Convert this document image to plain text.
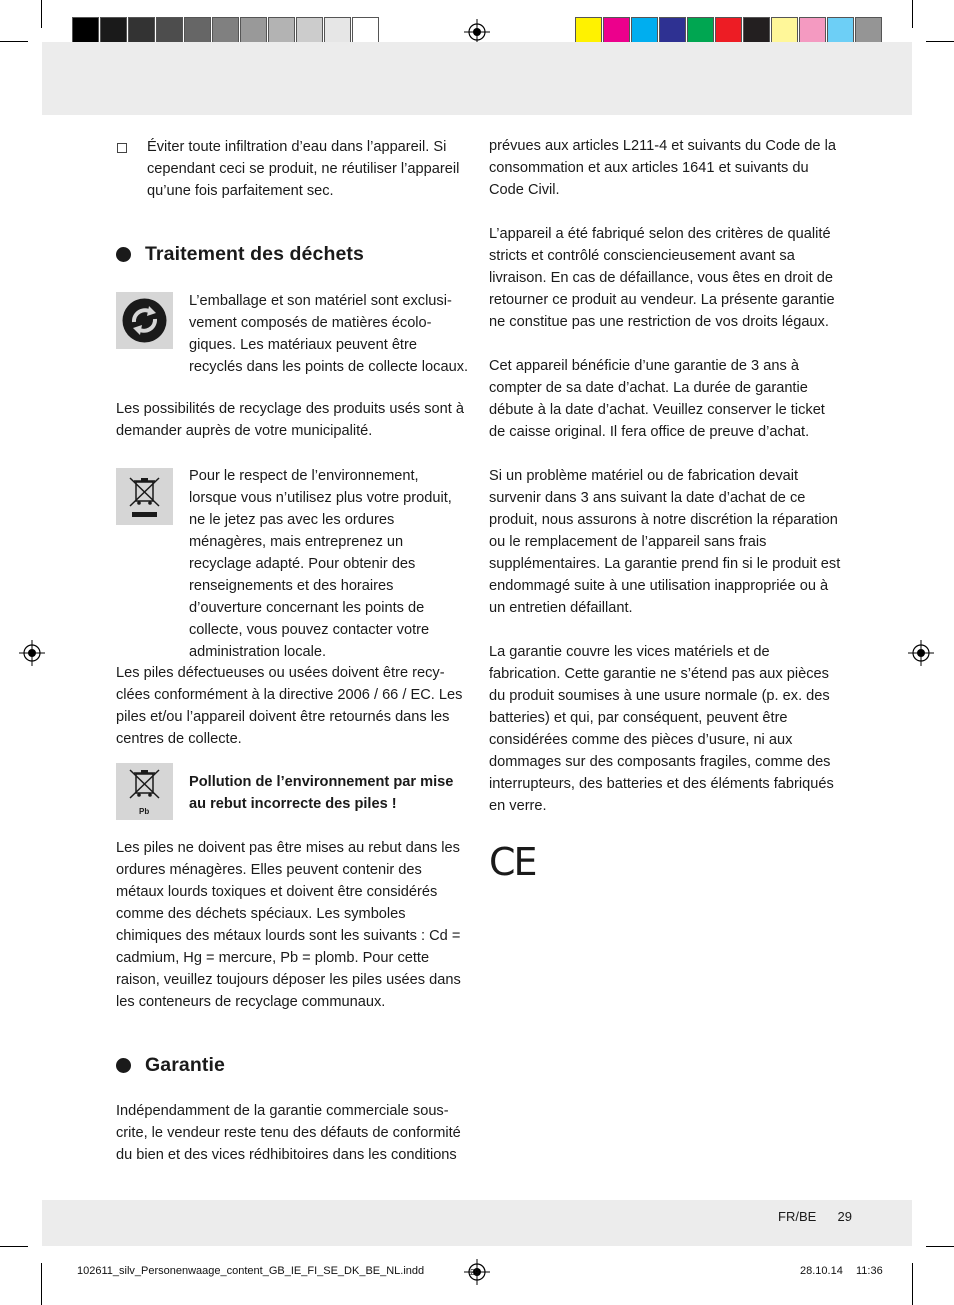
Éviter toute infiltration d’eau dans l’appareil. Si cependant ceci se produit, ne réutiliser l’appareil qu’une fois parfaitement sec.
Traitement des déchets
L’emballage et son matériel sont exclusivement composés de matières écologiques. Les matériaux peuvent être recyclés dans les points de collecte locaux.
Les possibilités de recyclage des produits usés sont à demander auprès de votre municipalité.
Pour le respect de l’environnement, lorsque vous n’utilisez plus votre produit, ne le jetez pas avec les ordures ménagères, mais entreprenez un recyclage adapté. Pour obtenir des renseignements et des horaires d’ouverture concernant les points de collecte, vous pouvez contacter votre administration locale.
Les piles défectueuses ou usées doivent être recyclées conformément à la directive 2006 / 66 / EC. Les piles et/ou l’appareil doivent être retournés dans les centres de collecte.
Pb
Pollution de l’environnement par mise au rebut incorrecte des piles !
Les piles ne doivent pas être mises au rebut dans les ordures ménagères. Elles peuvent contenir des métaux lourds toxiques et doivent être considérés comme des déchets spéciaux. Les symboles chimiques des métaux lourds sont les suivants : Cd = cadmium, Hg = mercure, Pb = plomb. Pour cette raison, veuillez toujours déposer les piles usées dans les conteneurs de recyclage communaux.
Garantie
Indépendamment de la garantie commerciale souscrite, le vendeur reste tenu des défauts de conformité du bien et des vices rédhibitoires dans les conditions

prévues aux articles L211-4 et suivants du Code de la consommation et aux articles 1641 et suivants du Code Civil.

L’appareil a été fabriqué selon des critères de qualité stricts et contrôlé consciencieusement avant sa livraison. En cas de défaillance, vous êtes en droit de retourner ce produit au vendeur. La présente garantie ne constitue pas une restriction de vos droits légaux.

Cet appareil bénéficie d’une garantie de 3 ans à compter de sa date d’achat. La durée de garantie débute à la date d’achat. Veuillez conserver le ticket de caisse original. Il fera office de preuve d’achat.

Si un problème matériel ou de fabrication devait survenir dans 3 ans suivant la date d’achat de ce produit, nous assurons à notre discrétion la réparation ou le remplacement de l’appareil sans frais supplémentaires. La garantie prend fin si le produit est endommagé suite à une utilisation inappropriée ou à un entretien défaillant.

La garantie couvre les vices matériels et de fabrication. Cette garantie ne s’étend pas aux pièces du produit soumises à une usure normale (p. ex. des batteries) et qui, par conséquent, peuvent être considérées comme des pièces d’usure, ni aux dommages sur des composants fragiles, comme des interrupteurs, des batteries et des éléments fabriqués en verre.

CE
FR/BE 29
102611_silv_Personenwaage_content_GB_IE_FI_SE_DK_BE_NL.indd	29	28.10.14 11:36
